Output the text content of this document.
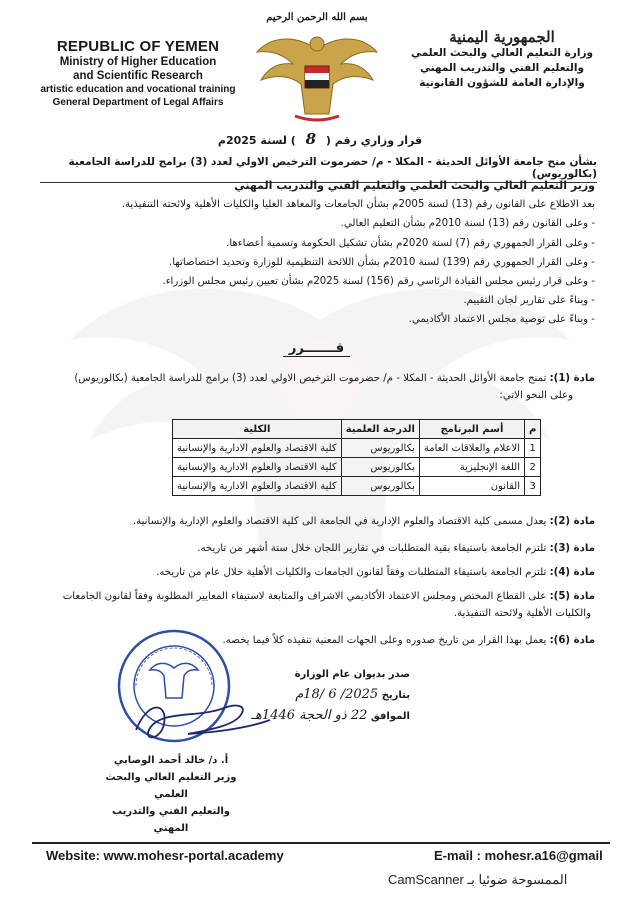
REPUBLIC OF YEMEN
Ministry of Higher Education
and Scientific Research
artistic education and vocational training
General Department of Legal Affairs
بسم الله الرحمن الرحيم
الجمهورية اليمنية
وزارة التعليم العالي والبحث العلمي
والتعليم الفني والتدريب المهني
والإدارة العامة للشؤون القانونية
قرار وزاري رقم ( 8 ) لسنة 2025م
بشأن منح جامعة الأوائل الحديثة - المكلا - م/ حضرموت الترخيص الاولي لعدد (3) برامج للدراسة الجامعية (بكالوريوس)
وزير التعليم العالي والبحث العلمي والتعليم الفني والتدريب المهني
بعد الاطلاع على القانون رقم (13) لسنة 2005م بشأن الجامعات والمعاهد العليا والكليات الأهلية ولائحته التنفيذية.
- وعلى القانون رقم (13) لسنة 2010م بشأن التعليم العالي.
- وعلى القرار الجمهوري رقم (7) لسنة 2020م بشأن تشكيل الحكومة وتسمية أعضاءها.
- وعلى القرار الجمهوري رقم (139) لسنة 2010م بشأن اللائحة التنظيمية للوزارة وتحديد اختصاصاتها.
- وعلى قرار رئيس مجلس القيادة الرئاسي رقم (156) لسنة 2025م بشأن تعيين رئيس مجلس الوزراء.
- وبناءً على تقارير لجان التقييم.
- وبناءً على توصية مجلس الاعتماد الأكاديمي.
قـــــــرر
مادة (1): تمنح جامعة الأوائل الحديثة - المكلا - م/ حضرموت الترخيص الاولي لعدد (3) برامج للدراسة الجامعية (بكالوريوس)
وعلى النحو الاتي:
م	أسم البرنامج	الدرجة العلمية	الكلية
1	الاعلام والعلاقات العامة	بكالوريوس	كلية الاقتصاد والعلوم الادارية والإنسانية
2	اللغة الإنجليزية	بكالوريوس	كلية الاقتصاد والعلوم الادارية والإنسانية
3	القانون	بكالوريوس	كلية الاقتصاد والعلوم الادارية والإنسانية
مادة (2): يعدل مسمى كلية الاقتصاد والعلوم الإدارية في الجامعة الى كلية الاقتصاد والعلوم الإدارية والإنسانية.
مادة (3): تلتزم الجامعة باستيفاء بقية المتطلبات في تقارير اللجان خلال ستة أشهر من تاريخه.
مادة (4): تلتزم الجامعة باستيفاء المتطلبات وفقاً لقانون الجامعات والكليات الأهلية خلال عام من تاريخه.
مادة (5): على القطاع المختص ومجلس الاعتماد الأكاديمي الاشراف والمتابعة لاستيفاء المعايير المطلوبة وفقاً لقانون الجامعات
والكليات الأهلية ولائحته التنفيذية.
مادة (6): يعمل بهذا القرار من تاريخ صدوره وعلى الجهات المعنية تنفيذه كلاً فيما يخصه.
صدر بديوان عام الوزارة
بتاريخ 2025/ 6 /18م
الموافق 22 ذو الحجة 1446هـ
أ. د/ خالد أحمد الوصابي
وزير التعليم العالي والبحث العلمي
والتعليم الفني والتدريب المهني
Website: www.mohesr-portal.academy	E-mail : mohesr.a16@gmail
الممسوحة ضوئيا بـ CamScanner
